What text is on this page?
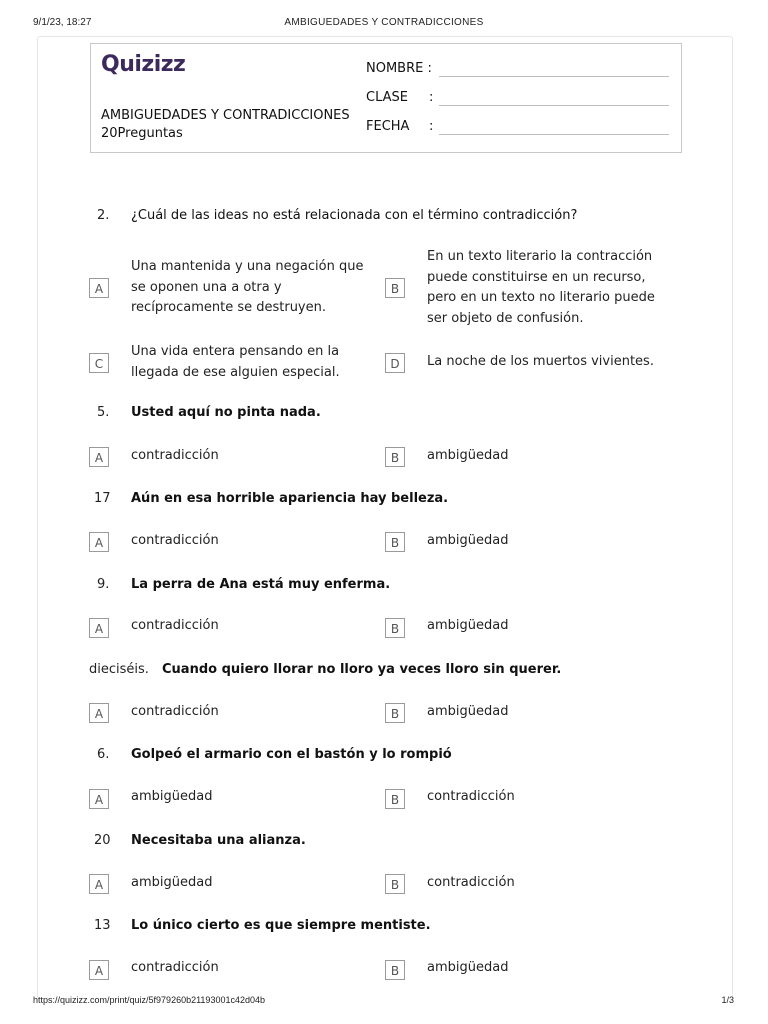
9/1/23, 18:27	AMBIGUEDADES Y CONTRADICCIONES
Quizizz
AMBIGUEDADES Y CONTRADICCIONES
20Preguntas
NOMBRE :
CLASE :
FECHA :
2. ¿Cuál de las ideas no está relacionada con el término contradicción?
A
Una mantenida y una negación que se oponen una a otra y recíprocamente se destruyen.
B
En un texto literario la contracción puede constituirse en un recurso, pero en un texto no literario puede ser objeto de confusión.
C
Una vida entera pensando en la llegada de ese alguien especial.
D	La noche de los muertos vivientes.
5. Usted aquí no pinta nada.
A	contradicción	B	ambigüedad
17 Aún en esa horrible apariencia hay belleza.
A	contradicción	B	ambigüedad
9. La perra de Ana está muy enferma.
A	contradicción	B	ambigüedad
dieciséis. Cuando quiero llorar no lloro ya veces lloro sin querer.
A	contradicción	B	ambigüedad
6. Golpeó el armario con el bastón y lo rompió
A	ambigüedad	B	contradicción
20 Necesitaba una alianza.
A	ambigüedad	B	contradicción
13 Lo único cierto es que siempre mentiste.
A	contradicción	B	ambigüedad
https://quizizz.com/print/quiz/5f979260b21193001c42d04b	1/3
